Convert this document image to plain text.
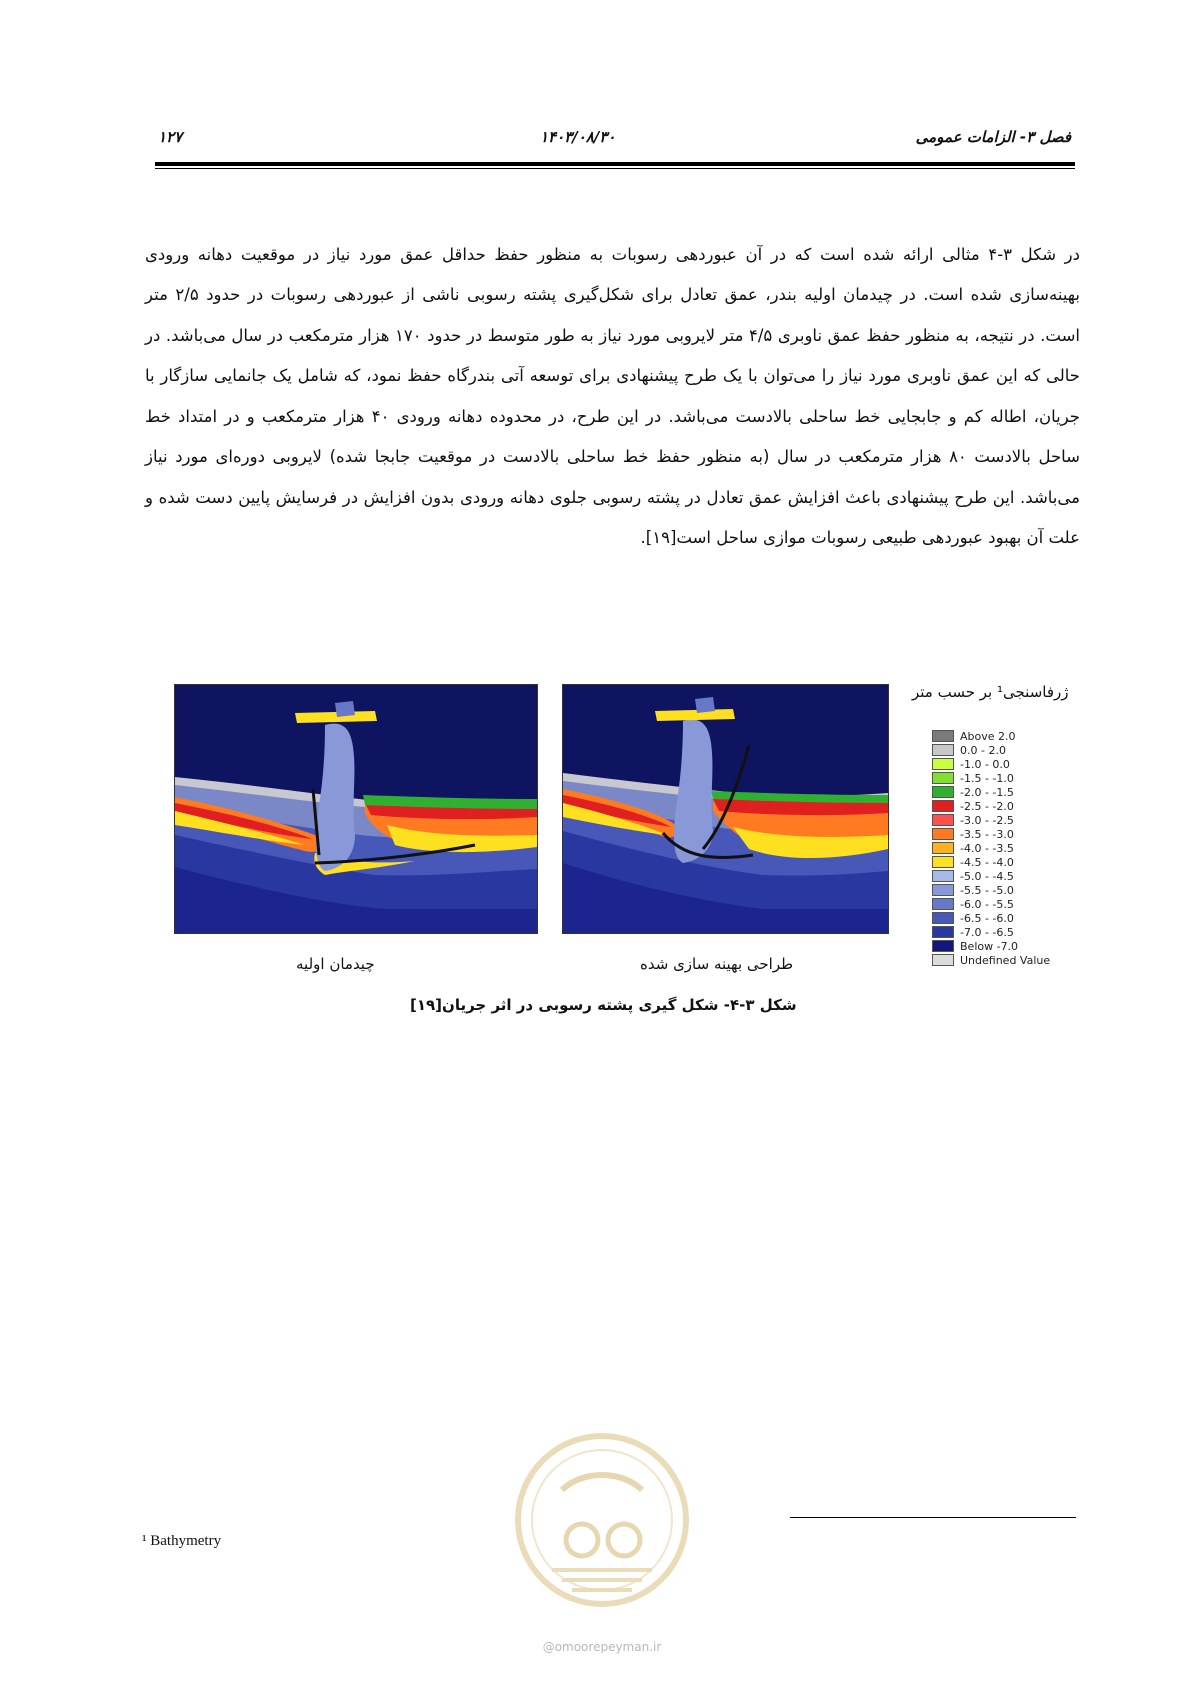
فصل ۳- الزامات عمومی
۱۴۰۳/۰۸/۳۰
۱۲۷

در شکل ۳-۴ مثالی ارائه شده است که در آن عبوردهی رسوبات به منظور حفظ حداقل عمق مورد نیاز در موقعیت دهانه ورودی بهینه‌سازی شده است. در چیدمان اولیه بندر، عمق تعادل برای شکل‌گیری پشته رسوبی ناشی از عبوردهی رسوبات در حدود ۲/۵ متر است. در نتیجه، به منظور حفظ عمق ناوبری ۴/۵ متر لایروبی مورد نیاز به طور متوسط در حدود ۱۷۰ هزار مترمکعب در سال می‌باشد. در حالی که این عمق ناوبری مورد نیاز را می‌توان با یک طرح پیشنهادی برای توسعه آتی بندرگاه حفظ نمود، که شامل یک جانمایی سازگار با جریان، اطاله کم و جابجایی خط ساحلی بالادست می‌باشد. در این طرح، در محدوده دهانه ورودی ۴۰ هزار مترمکعب و در امتداد خط ساحل بالادست ۸۰ هزار مترمکعب در سال (به منظور حفظ خط ساحلی بالادست در موقعیت جابجا شده) لایروبی دوره‌ای مورد نیاز می‌باشد. این طرح پیشنهادی باعث افزایش عمق تعادل در پشته رسوبی جلوی دهانه ورودی بدون افزایش در فرسایش پایین دست شده و علت آن بهبود عبوردهی طبیعی رسوبات موازی ساحل است[۱۹].

ژرفاسنجی¹ بر حسب متر
Above 2.0
0.0 - 2.0
-1.0 - 0.0
-1.5 - -1.0
-2.0 - -1.5
-2.5 - -2.0
-3.0 - -2.5
-3.5 - -3.0
-4.0 - -3.5
-4.5 - -4.0
-5.0 - -4.5
-5.5 - -5.0
-6.0 - -5.5
-6.5 - -6.0
-7.0 - -6.5
Below -7.0
Undefined Value
چیدمان اولیه	طراحی بهینه سازی شده
شکل ۳-۴- شکل گیری پشته رسوبی در اثر جریان[۱۹]
¹ Bathymetry
@omoorepeyman.ir
